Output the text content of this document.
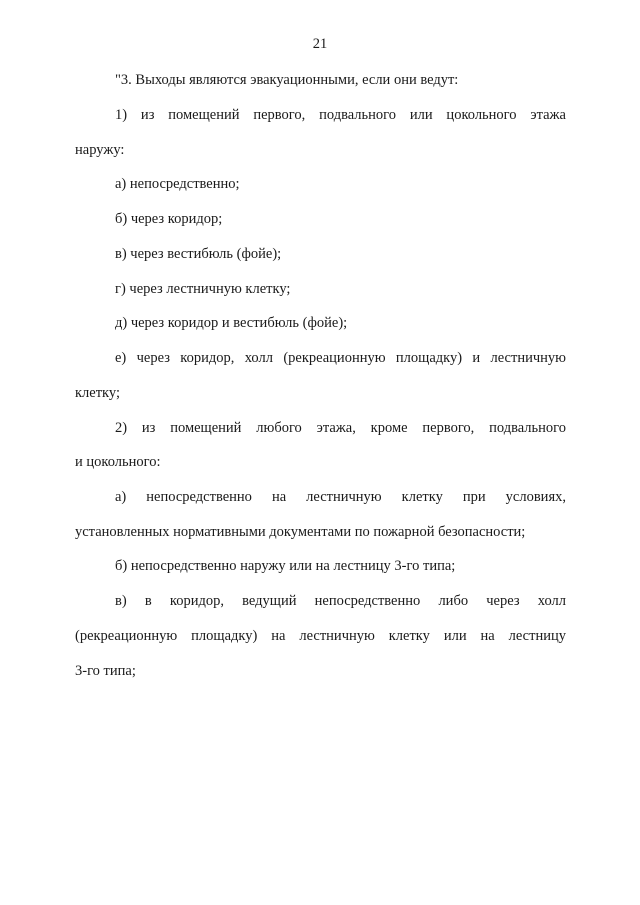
21
"3. Выходы являются эвакуационными, если они ведут:
1) из помещений первого, подвального или цокольного этажа
наружу:
а) непосредственно;
б) через коридор;
в) через вестибюль (фойе);
г) через лестничную клетку;
д) через коридор и вестибюль (фойе);
е) через коридор, холл (рекреационную площадку) и лестничную
клетку;
2) из помещений любого этажа, кроме первого, подвального
и цокольного:
а) непосредственно на лестничную клетку при условиях,
установленных нормативными документами по пожарной безопасности;
б) непосредственно наружу или на лестницу 3-го типа;
в) в коридор, ведущий непосредственно либо через холл
(рекреационную площадку) на лестничную клетку или на лестницу
3-го типа;
